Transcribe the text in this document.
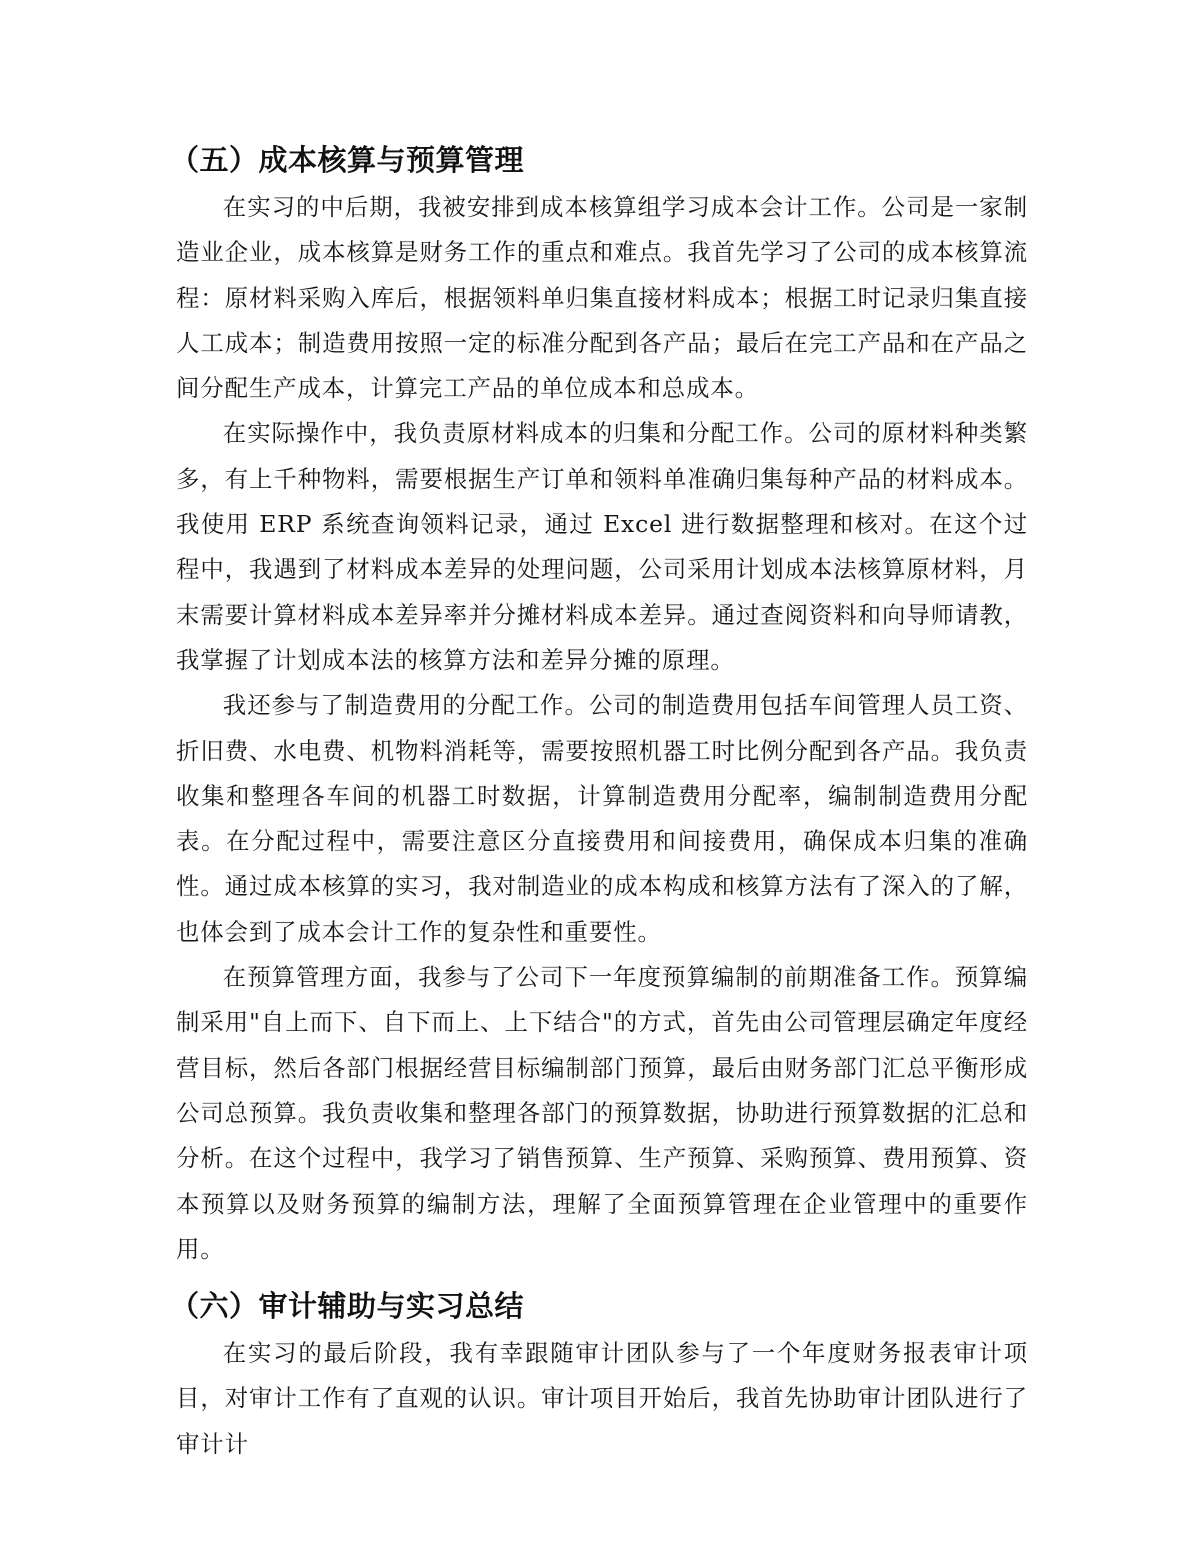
（五）成本核算与预算管理

在实习的中后期，我被安排到成本核算组学习成本会计工作。公司是一家制造业企业，成本核算是财务工作的重点和难点。我首先学习了公司的成本核算流程：原材料采购入库后，根据领料单归集直接材料成本；根据工时记录归集直接人工成本；制造费用按照一定的标准分配到各产品；最后在完工产品和在产品之间分配生产成本，计算完工产品的单位成本和总成本。

在实际操作中，我负责原材料成本的归集和分配工作。公司的原材料种类繁多，有上千种物料，需要根据生产订单和领料单准确归集每种产品的材料成本。我使用 ERP 系统查询领料记录，通过 Excel 进行数据整理和核对。在这个过程中，我遇到了材料成本差异的处理问题，公司采用计划成本法核算原材料，月末需要计算材料成本差异率并分摊材料成本差异。通过查阅资料和向导师请教，我掌握了计划成本法的核算方法和差异分摊的原理。

我还参与了制造费用的分配工作。公司的制造费用包括车间管理人员工资、折旧费、水电费、机物料消耗等，需要按照机器工时比例分配到各产品。我负责收集和整理各车间的机器工时数据，计算制造费用分配率，编制制造费用分配表。在分配过程中，需要注意区分直接费用和间接费用，确保成本归集的准确性。通过成本核算的实习，我对制造业的成本构成和核算方法有了深入的了解，也体会到了成本会计工作的复杂性和重要性。

在预算管理方面，我参与了公司下一年度预算编制的前期准备工作。预算编制采用"自上而下、自下而上、上下结合"的方式，首先由公司管理层确定年度经营目标，然后各部门根据经营目标编制部门预算，最后由财务部门汇总平衡形成公司总预算。我负责收集和整理各部门的预算数据，协助进行预算数据的汇总和分析。在这个过程中，我学习了销售预算、生产预算、采购预算、费用预算、资本预算以及财务预算的编制方法，理解了全面预算管理在企业管理中的重要作用。

（六）审计辅助与实习总结

在实习的最后阶段，我有幸跟随审计团队参与了一个年度财务报表审计项目，对审计工作有了直观的认识。审计项目开始后，我首先协助审计团队进行了审计计
